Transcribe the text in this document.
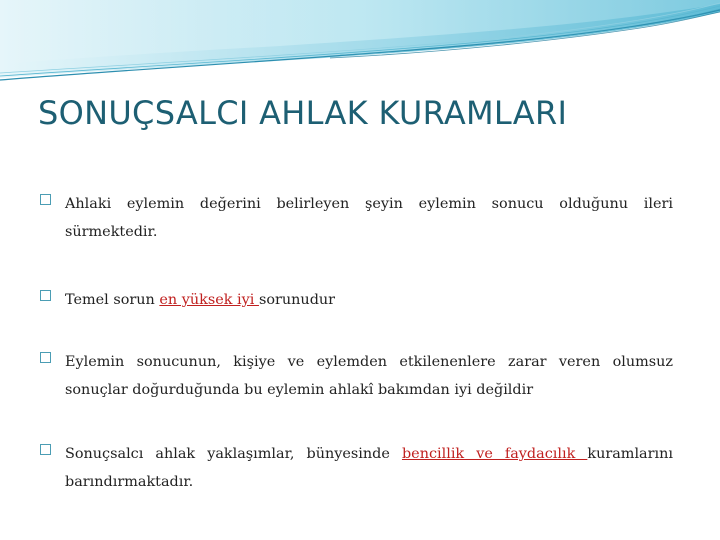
SONUÇSALCI AHLAK KURAMLARI
Ahlaki eylemin değerini belirleyen şeyin eylemin sonucu olduğunu ileri sürmektedir.
Temel sorun en yüksek iyi sorunudur
Eylemin sonucunun, kişiye ve eylemden etkilenenlere zarar veren olumsuz sonuçlar doğurduğunda bu eylemin ahlakî bakımdan iyi değildir
Sonuçsalcı ahlak yaklaşımlar, bünyesinde bencillik ve faydacılık kuramlarını barındırmaktadır.
